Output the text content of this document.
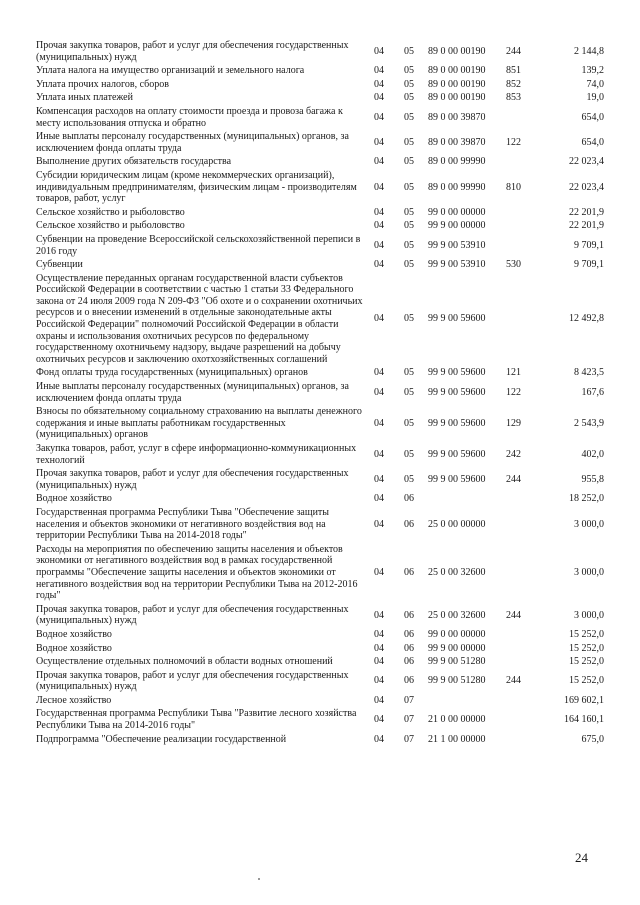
Прочая закупка товаров, работ и услуг для обеспечения государственных (муниципальных) нужд	04	05	89 0 00 00190	244	2 144,8
Уплата налога на имущество организаций и земельного налога	04	05	89 0 00 00190	851	139,2
Уплата прочих налогов, сборов	04	05	89 0 00 00190	852	74,0
Уплата иных платежей	04	05	89 0 00 00190	853	19,0
Компенсация расходов на оплату стоимости проезда и провоза багажа к месту использования отпуска и обратно	04	05	89 0 00 39870		654,0
Иные выплаты персоналу государственных (муниципальных) органов, за исключением фонда оплаты труда	04	05	89 0 00 39870	122	654,0
Выполнение других обязательств государства	04	05	89 0 00 99990		22 023,4
Субсидии юридическим лицам (кроме некоммерческих организаций), индивидуальным предпринимателям, физическим лицам - производителям товаров, работ, услуг	04	05	89 0 00 99990	810	22 023,4
Сельское хозяйство и рыболовство	04	05	99 0 00 00000		22 201,9
Сельское хозяйство и рыболовство	04	05	99 9 00 00000		22 201,9
Субвенции на проведение Всероссийской сельскохозяйственной переписи в 2016 году	04	05	99 9 00 53910		9 709,1
Субвенции	04	05	99 9 00 53910	530	9 709,1
Осуществление переданных органам государственной власти субъектов Российской Федерации в соответствии с частью 1 статьи 33 Федерального закона от 24 июля 2009 года N 209-ФЗ "Об охоте и о сохранении охотничьих ресурсов и о внесении изменений в отдельные законодательные акты Российской Федерации" полномочий Российской Федерации в области охраны и использования охотничьих ресурсов по федеральному государственному охотничьему надзору, выдаче разрешений на добычу охотничьих ресурсов и заключению охотхозяйственных соглашений	04	05	99 9 00 59600		12 492,8
Фонд оплаты труда государственных (муниципальных) органов	04	05	99 9 00 59600	121	8 423,5
Иные выплаты персоналу государственных (муниципальных) органов, за исключением фонда оплаты труда	04	05	99 9 00 59600	122	167,6
Взносы по обязательному социальному страхованию на выплаты денежного содержания и иные выплаты работникам государственных (муниципальных) органов	04	05	99 9 00 59600	129	2 543,9
Закупка товаров, работ, услуг в сфере информационно-коммуникационных технологий	04	05	99 9 00 59600	242	402,0
Прочая закупка товаров, работ и услуг для обеспечения государственных (муниципальных) нужд	04	05	99 9 00 59600	244	955,8
Водное хозяйство	04	06			18 252,0
Государственная программа Республики Тыва "Обеспечение защиты населения и объектов экономики от негативного воздействия вод на территории Республики Тыва на 2014-2018 годы"	04	06	25 0 00 00000		3 000,0
Расходы на мероприятия по обеспечению защиты населения и объектов экономики от негативного воздействия вод в рамках государственной программы "Обеспечение защиты населения и объектов экономики от негативного воздействия вод на территории Республики Тыва на 2012-2016 годы"	04	06	25 0 00 32600		3 000,0
Прочая закупка товаров, работ и услуг для обеспечения государственных (муниципальных) нужд	04	06	25 0 00 32600	244	3 000,0
Водное хозяйство	04	06	99 0 00 00000		15 252,0
Водное хозяйство	04	06	99 9 00 00000		15 252,0
Осуществление отдельных полномочий в области водных отношений	04	06	99 9 00 51280		15 252,0
Прочая закупка товаров, работ и услуг для обеспечения государственных (муниципальных) нужд	04	06	99 9 00 51280	244	15 252,0
Лесное хозяйство	04	07			169 602,1
Государственная программа Республики Тыва "Развитие лесного хозяйства Республики Тыва на 2014-2016 годы"	04	07	21 0 00 00000		164 160,1
Подпрограмма "Обеспечение реализации государственной	04	07	21 1 00 00000		675,0
24
